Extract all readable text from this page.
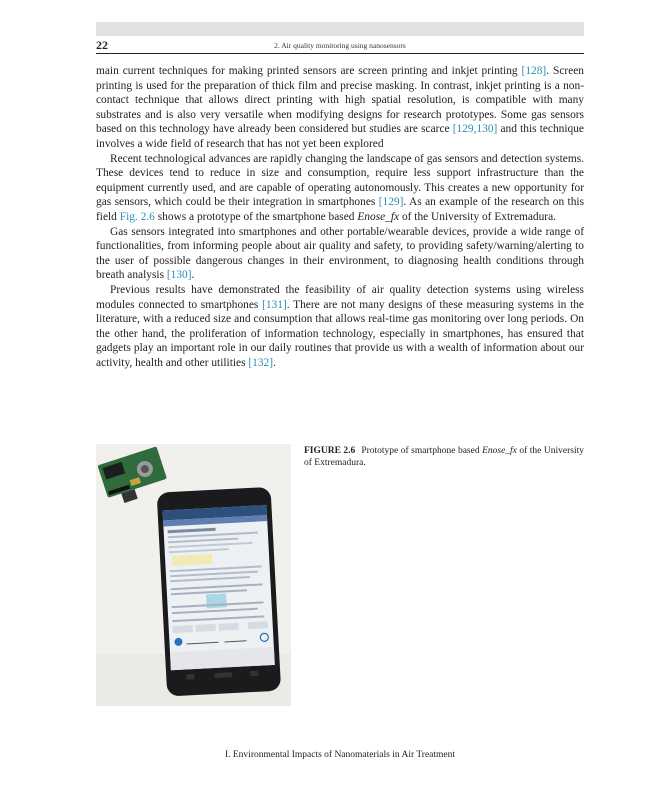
22	2. Air quality monitoring using nanosensors

main current techniques for making printed sensors are screen printing and inkjet printing [128]. Screen printing is used for the preparation of thick film and precise masking. In contrast, inkjet printing is a non-contact technique that allows direct printing with high spatial resolution, is compatible with many substrates and is also very versatile when modifying designs for research prototypes. Some gas sensors based on this technology have already been considered but studies are scarce [129,130] and this technique involves a wide field of research that has not yet been explored

Recent technological advances are rapidly changing the landscape of gas sensors and detection systems. These devices tend to reduce in size and consumption, require less support infrastructure than the equipment currently used, and are capable of operating autonomously. This creates a new opportunity for gas sensors, which could be their integration in smartphones [129]. As an example of the research on this field Fig. 2.6 shows a prototype of the smartphone based Enose_fx of the University of Extremadura.

Gas sensors integrated into smartphones and other portable/wearable devices, provide a wide range of functionalities, from informing people about air quality and safety, to providing safety/warning/alerting to the user of possible dangerous changes in their environment, to diagnosing health conditions through breath analysis [130].

Previous results have demonstrated the feasibility of air quality detection systems using wireless modules connected to smartphones [131]. There are not many designs of these measuring systems in the literature, with a reduced size and consumption that allows real-time gas monitoring over long periods. On the other hand, the proliferation of information technology, especially in smartphones, has ensured that gadgets play an important role in our daily routines that provide us with a wealth of information about our activity, health and other utilities [132].

FIGURE 2.6 Prototype of smartphone based Enose_fx of the University of Extremadura.
I. Environmental Impacts of Nanomaterials in Air Treatment
